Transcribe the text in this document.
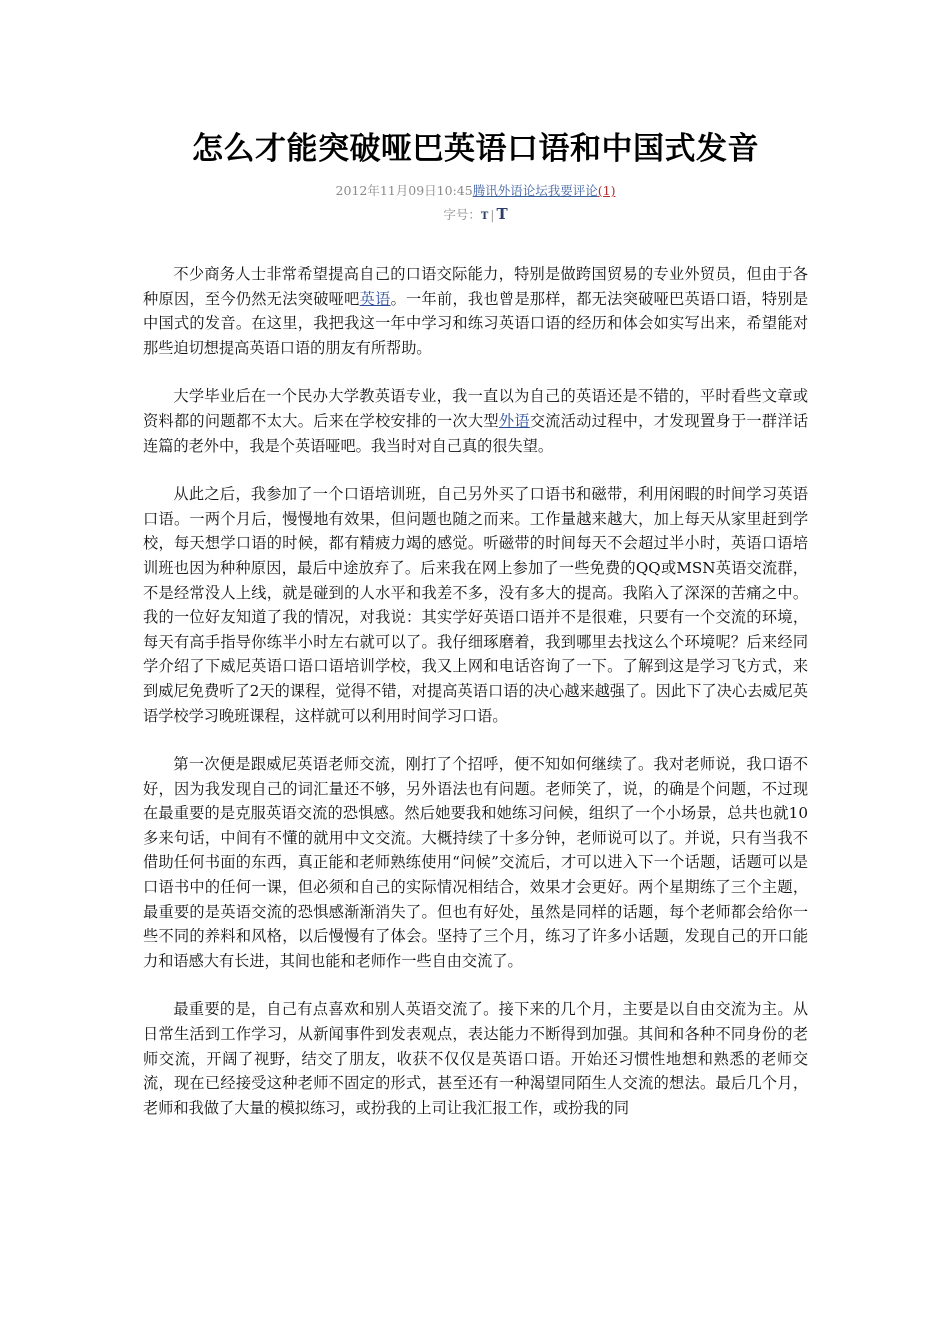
怎么才能突破哑巴英语口语和中国式发音
2012年11月09日10:45腾讯外语论坛我要评论(1)
字号：T | T

不少商务人士非常希望提高自己的口语交际能力，特别是做跨国贸易的专业外贸员，但由于各种原因，至今仍然无法突破哑吧英语。一年前，我也曾是那样，都无法突破哑巴英语口语，特别是中国式的发音。在这里，我把我这一年中学习和练习英语口语的经历和体会如实写出来，希望能对那些迫切想提高英语口语的朋友有所帮助。

大学毕业后在一个民办大学教英语专业，我一直以为自己的英语还是不错的，平时看些文章或资料都的问题都不太大。后来在学校安排的一次大型外语交流活动过程中，才发现置身于一群洋话连篇的老外中，我是个英语哑吧。我当时对自己真的很失望。

从此之后，我参加了一个口语培训班，自己另外买了口语书和磁带，利用闲暇的时间学习英语口语。一两个月后，慢慢地有效果，但问题也随之而来。工作量越来越大，加上每天从家里赶到学校，每天想学口语的时候，都有精疲力竭的感觉。听磁带的时间每天不会超过半小时，英语口语培训班也因为种种原因，最后中途放弃了。后来我在网上参加了一些免费的QQ或MSN英语交流群，不是经常没人上线，就是碰到的人水平和我差不多，没有多大的提高。我陷入了深深的苦痛之中。我的一位好友知道了我的情况，对我说：其实学好英语口语并不是很难，只要有一个交流的环境，每天有高手指导你练半小时左右就可以了。我仔细琢磨着，我到哪里去找这么个环境呢？后来经同学介绍了下威尼英语口语口语培训学校，我又上网和电话咨询了一下。了解到这是学习飞方式，来到威尼免费听了2天的课程，觉得不错，对提高英语口语的决心越来越强了。因此下了决心去威尼英语学校学习晚班课程，这样就可以利用时间学习口语。

第一次便是跟威尼英语老师交流，刚打了个招呼，便不知如何继续了。我对老师说，我口语不好，因为我发现自己的词汇量还不够，另外语法也有问题。老师笑了，说，的确是个问题，不过现在最重要的是克服英语交流的恐惧感。然后她要我和她练习问候，组织了一个小场景，总共也就10多来句话，中间有不懂的就用中文交流。大概持续了十多分钟，老师说可以了。并说，只有当我不借助任何书面的东西，真正能和老师熟练使用“问候”交流后，才可以进入下一个话题，话题可以是口语书中的任何一课，但必须和自己的实际情况相结合，效果才会更好。两个星期练了三个主题，最重要的是英语交流的恐惧感渐渐消失了。但也有好处，虽然是同样的话题，每个老师都会给你一些不同的养料和风格，以后慢慢有了体会。坚持了三个月，练习了许多小话题，发现自己的开口能力和语感大有长进，其间也能和老师作一些自由交流了。

最重要的是，自己有点喜欢和别人英语交流了。接下来的几个月，主要是以自由交流为主。从日常生活到工作学习，从新闻事件到发表观点，表达能力不断得到加强。其间和各种不同身份的老师交流，开阔了视野，结交了朋友，收获不仅仅是英语口语。开始还习惯性地想和熟悉的老师交流，现在已经接受这种老师不固定的形式，甚至还有一种渴望同陌生人交流的想法。最后几个月，老师和我做了大量的模拟练习，或扮我的上司让我汇报工作，或扮我的同
